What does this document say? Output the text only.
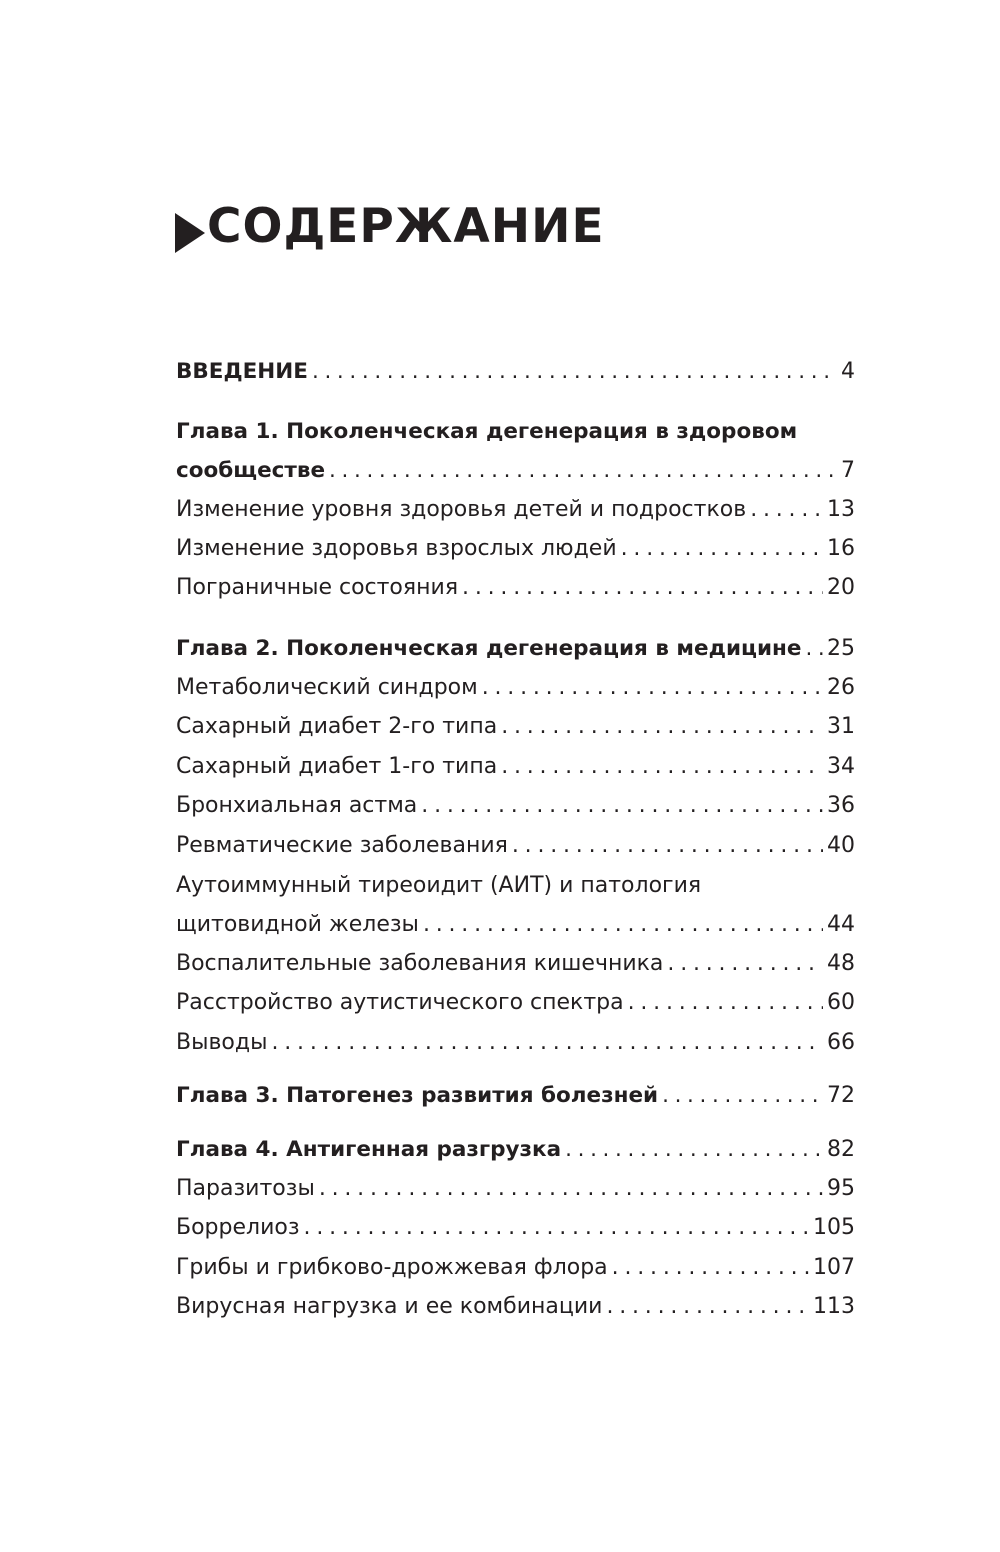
СОДЕРЖАНИЕ
ВВЕДЕНИЕ . . .	4
Глава 1. Поколенческая дегенерация в здоровом
сообществе . . .	7
Изменение уровня здоровья детей и подростков . . .	13
Изменение здоровья взрослых людей . . .	16
Пограничные состояния . . .	20
Глава 2. Поколенческая дегенерация в медицине . . . 25
Метаболический синдром . . .	26
Сахарный диабет 2-го типа . . .	31
Сахарный диабет 1-го типа . . .	34
Бронхиальная астма . . .	36
Ревматические заболевания . . .	40
Аутоиммунный тиреоидит (АИТ) и патология
щитовидной железы . . .	44
Воспалительные заболевания кишечника . . .	48
Расстройство аутистического спектра . . .	60
Выводы . . .	66
Глава 3. Патогенез развития болезней . . .	72
Глава 4. Антигенная разгрузка . . .	82
Паразитозы . . .	95
Боррелиоз . . .	105
Грибы и грибково-дрожжевая флора . . .	107
Вирусная нагрузка и ее комбинации . . .	113
